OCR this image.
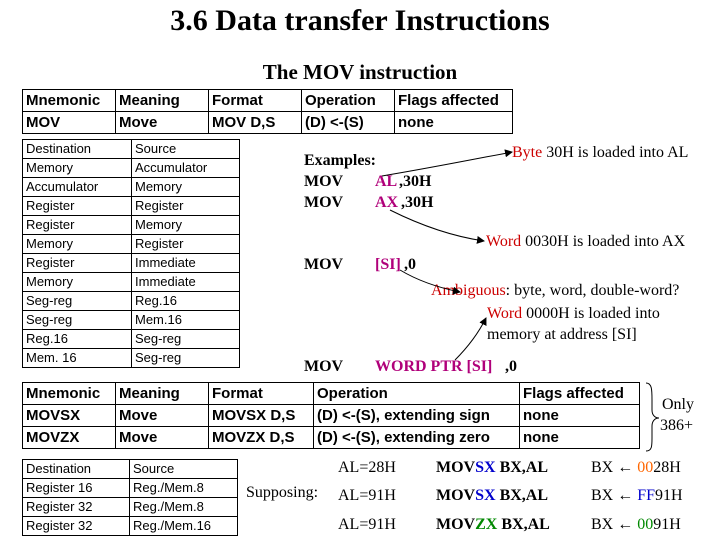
3.6 Data transfer Instructions
The MOV instruction
Mnemonic	Meaning	Format	Operation	Flags affected
MOV	Move	MOV D,S	(D) <-(S)	none
Destination	Source
Memory	Accumulator
Accumulator	Memory
Register	Register
Register	Memory
Memory	Register
Register	Immediate
Memory	Immediate
Seg-reg	Reg.16
Seg-reg	Mem.16
Reg.16	Seg-reg
Mem. 16	Seg-reg
Examples:
MOV AL ,30H
MOV AX ,30H
MOV [SI] ,0
MOV WORD PTR [SI] ,0
Byte 30H is loaded into AL
Word 0030H is loaded into AX
Ambiguous: byte, word, double-word?
Word 0000H is loaded into
memory at address [SI]
Mnemonic	Meaning	Format	Operation	Flags affected
MOVSX	Move	MOVSX D,S	(D) <-(S), extending sign	none
MOVZX	Move	MOVZX D,S	(D) <-(S), extending zero	none
Only
386+
Destination	Source
Register 16	Reg./Mem.8
Register 32	Reg./Mem.8
Register 32	Reg./Mem.16
Supposing:
AL=28H	MOVSX BX,AL	BX ← 0028H
AL=91H	MOVSX BX,AL	BX ← FF91H
AL=91H	MOVZX BX,AL	BX ← 0091H
